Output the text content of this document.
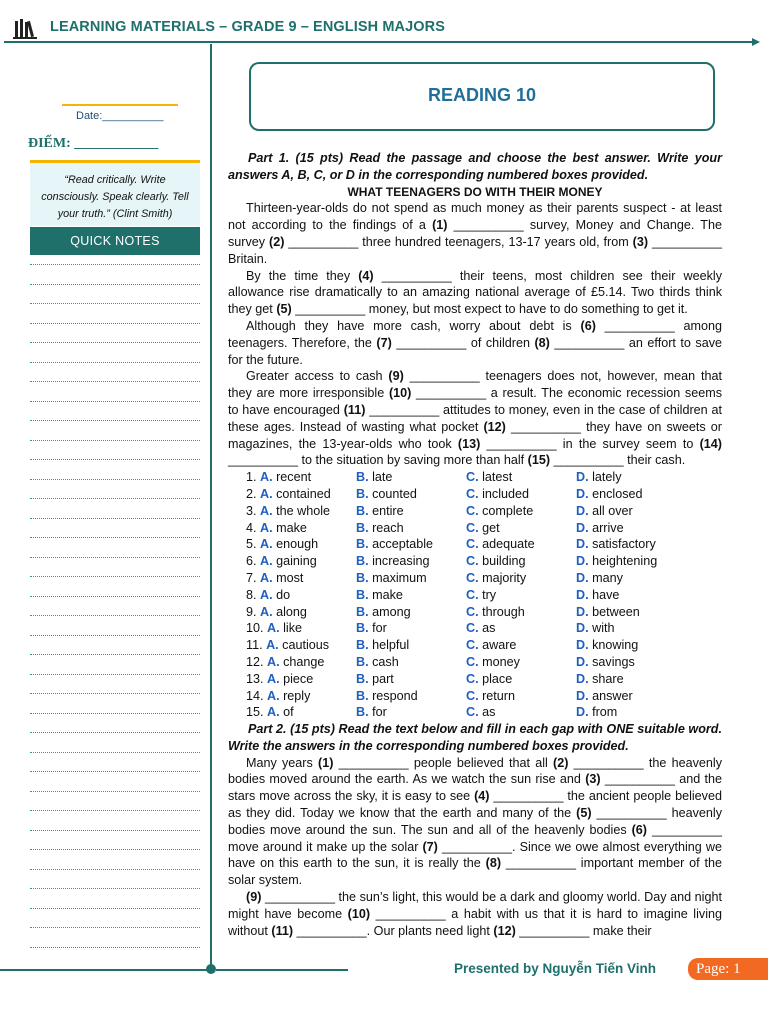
LEARNING MATERIALS – GRADE 9 – ENGLISH MAJORS
Date:__________
ĐIỂM: ____________
“Read critically. Write consciously. Speak clearly. Tell your truth.” (Clint Smith)
QUICK NOTES
READING 10
Part 1. (15 pts) Read the passage and choose the best answer. Write your answers A, B, C, or D in the corresponding numbered boxes provided.
WHAT TEENAGERS DO WITH THEIR MONEY
Thirteen-year-olds do not spend as much money as their parents suspect - at least not according to the findings of a (1) __________ survey, Money and Change. The survey (2) __________ three hundred teenagers, 13-17 years old, from (3) __________ Britain.
By the time they (4) __________ their teens, most children see their weekly allowance rise dramatically to an amazing national average of £5.14. Two thirds think they get (5) __________ money, but most expect to have to do something to get it.
Although they have more cash, worry about debt is (6) __________ among teenagers. Therefore, the (7) __________ of children (8) __________ an effort to save for the future.
Greater access to cash (9) __________ teenagers does not, however, mean that they are more irresponsible (10) __________ a result. The economic recession seems to have encouraged (11) __________ attitudes to money, even in the case of children at these ages. Instead of wasting what pocket (12) __________ they have on sweets or magazines, the 13-year-olds who took (13) __________ in the survey seem to (14) __________ to the situation by saving more than half (15) __________ their cash.
1. A. recent	B. late	C. latest	D. lately
2. A. contained	B. counted	C. included	D. enclosed
3. A. the whole	B. entire	C. complete	D. all over
4. A. make	B. reach	C. get	D. arrive
5. A. enough	B. acceptable	C. adequate	D. satisfactory
6. A. gaining	B. increasing	C. building	D. heightening
7. A. most	B. maximum	C. majority	D. many
8. A. do	B. make	C. try	D. have
9. A. along	B. among	C. through	D. between
10. A. like	B. for	C. as	D. with
11. A. cautious	B. helpful	C. aware	D. knowing
12. A. change	B. cash	C. money	D. savings
13. A. piece	B. part	C. place	D. share
14. A. reply	B. respond	C. return	D. answer
15. A. of	B. for	C. as	D. from
Part 2. (15 pts) Read the text below and fill in each gap with ONE suitable word. Write the answers in the corresponding numbered boxes provided.
Many years (1) __________ people believed that all (2) __________ the heavenly bodies moved around the earth. As we watch the sun rise and (3) __________ and the stars move across the sky, it is easy to see (4) __________ the ancient people believed as they did. Today we know that the earth and many of the (5) __________ heavenly bodies move around the sun. The sun and all of the heavenly bodies (6) __________ move around it make up the solar (7) __________. Since we owe almost everything we have on this earth to the sun, it is really the (8) __________ important member of the solar system.
(9) __________ the sun’s light, this would be a dark and gloomy world. Day and night might have become (10) __________ a habit with us that it is hard to imagine living without (11) __________. Our plants need light (12) __________ make their
Presented by Nguyễn Tiến Vinh	Page: 1
